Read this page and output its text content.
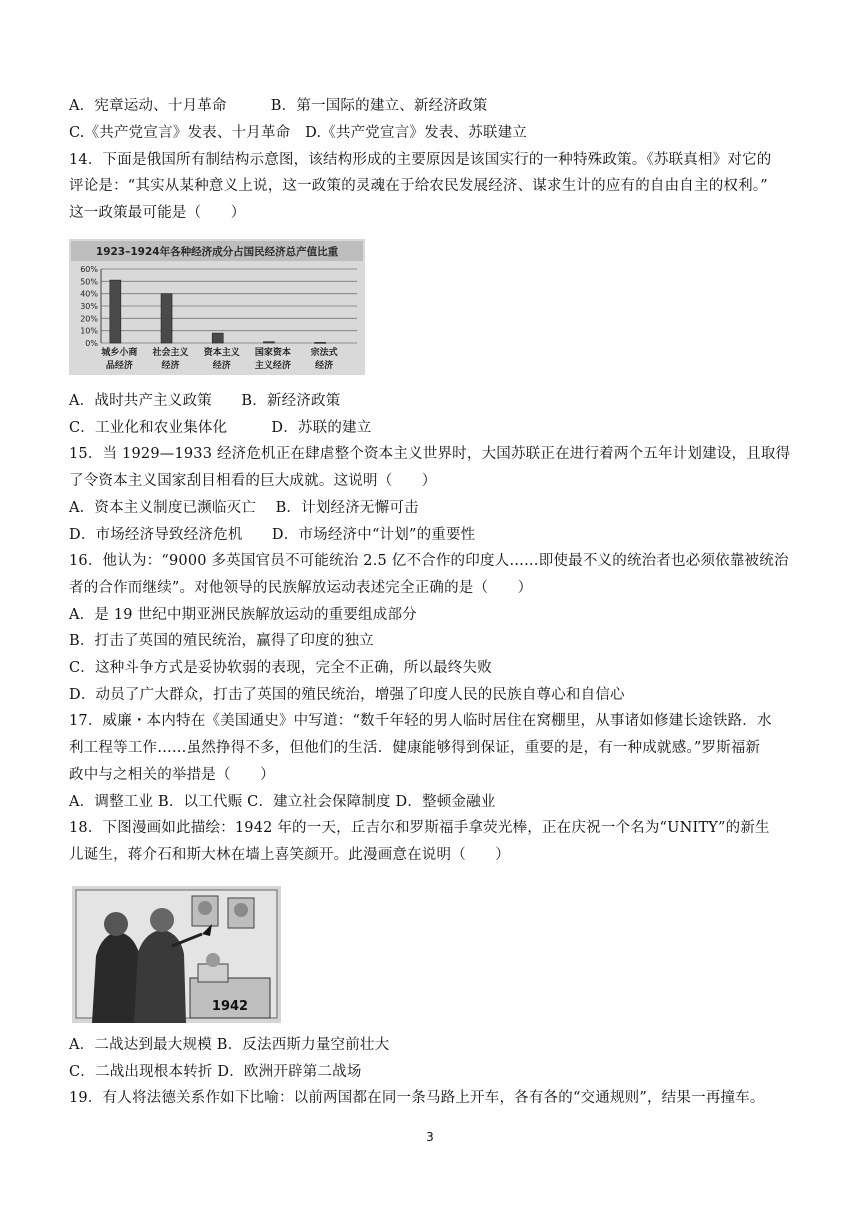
A．宪章运动、十月革命　　　B．第一国际的建立、新经济政策
C.《共产党宣言》发表、十月革命　D.《共产党宣言》发表、苏联建立
14．下面是俄国所有制结构示意图，该结构形成的主要原因是该国实行的一种特殊政策。《苏联真相》对它的
评论是：“其实从某种意义上说，这一政策的灵魂在于给农民发展经济、谋求生计的应有的自由自主的权利。”
这一政策最可能是（　　）
A．战时共产主义政策　　B．新经济政策
C．工业化和农业集体化　　　D．苏联的建立
15．当 1929—1933 经济危机正在肆虐整个资本主义世界时，大国苏联正在进行着两个五年计划建设，且取得
了令资本主义国家刮目相看的巨大成就。这说明（　　）
A．资本主义制度已濒临灭亡　 B．计划经济无懈可击
D．市场经济导致经济危机　　D．市场经济中“计划”的重要性
16．他认为：“9000 多英国官员不可能统治 2.5 亿不合作的印度人……即使最不义的统治者也必须依靠被统治
者的合作而继续”。对他领导的民族解放运动表述完全正确的是（　　）
A．是 19 世纪中期亚洲民族解放运动的重要组成部分
B．打击了英国的殖民统治，赢得了印度的独立
C．这种斗争方式是妥协软弱的表现，完全不正确，所以最终失败
D．动员了广大群众，打击了英国的殖民统治，增强了印度人民的民族自尊心和自信心
17．威廉・本内特在《美国通史》中写道：“数千年轻的男人临时居住在窝棚里，从事诸如修建长途铁路．水
利工程等工作……虽然挣得不多，但他们的生活．健康能够得到保证，重要的是，有一种成就感。”罗斯福新
政中与之相关的举措是（　　）
A．调整工业 B．以工代赈 C．建立社会保障制度 D．整顿金融业
18．下图漫画如此描绘：1942 年的一天，丘吉尔和罗斯福手拿荧光棒，正在庆祝一个名为“UNITY”的新生
儿诞生，蒋介石和斯大林在墙上喜笑颜开。此漫画意在说明（　　）
A．二战达到最大规模 B．反法西斯力量空前壮大
C．二战出现根本转折 D．欧洲开辟第二战场
19．有人将法德关系作如下比喻：以前两国都在同一条马路上开车，各有各的“交通规则”，结果一再撞车。
1923–1924年各种经济成分占国民经济总产值比重
0%
10%
20%
30%
40%
50%
60%
城乡小商
品经济
社会主义
经济
资本主义
经济
国家资本
主义经济
宗法式
经济
1942
3
